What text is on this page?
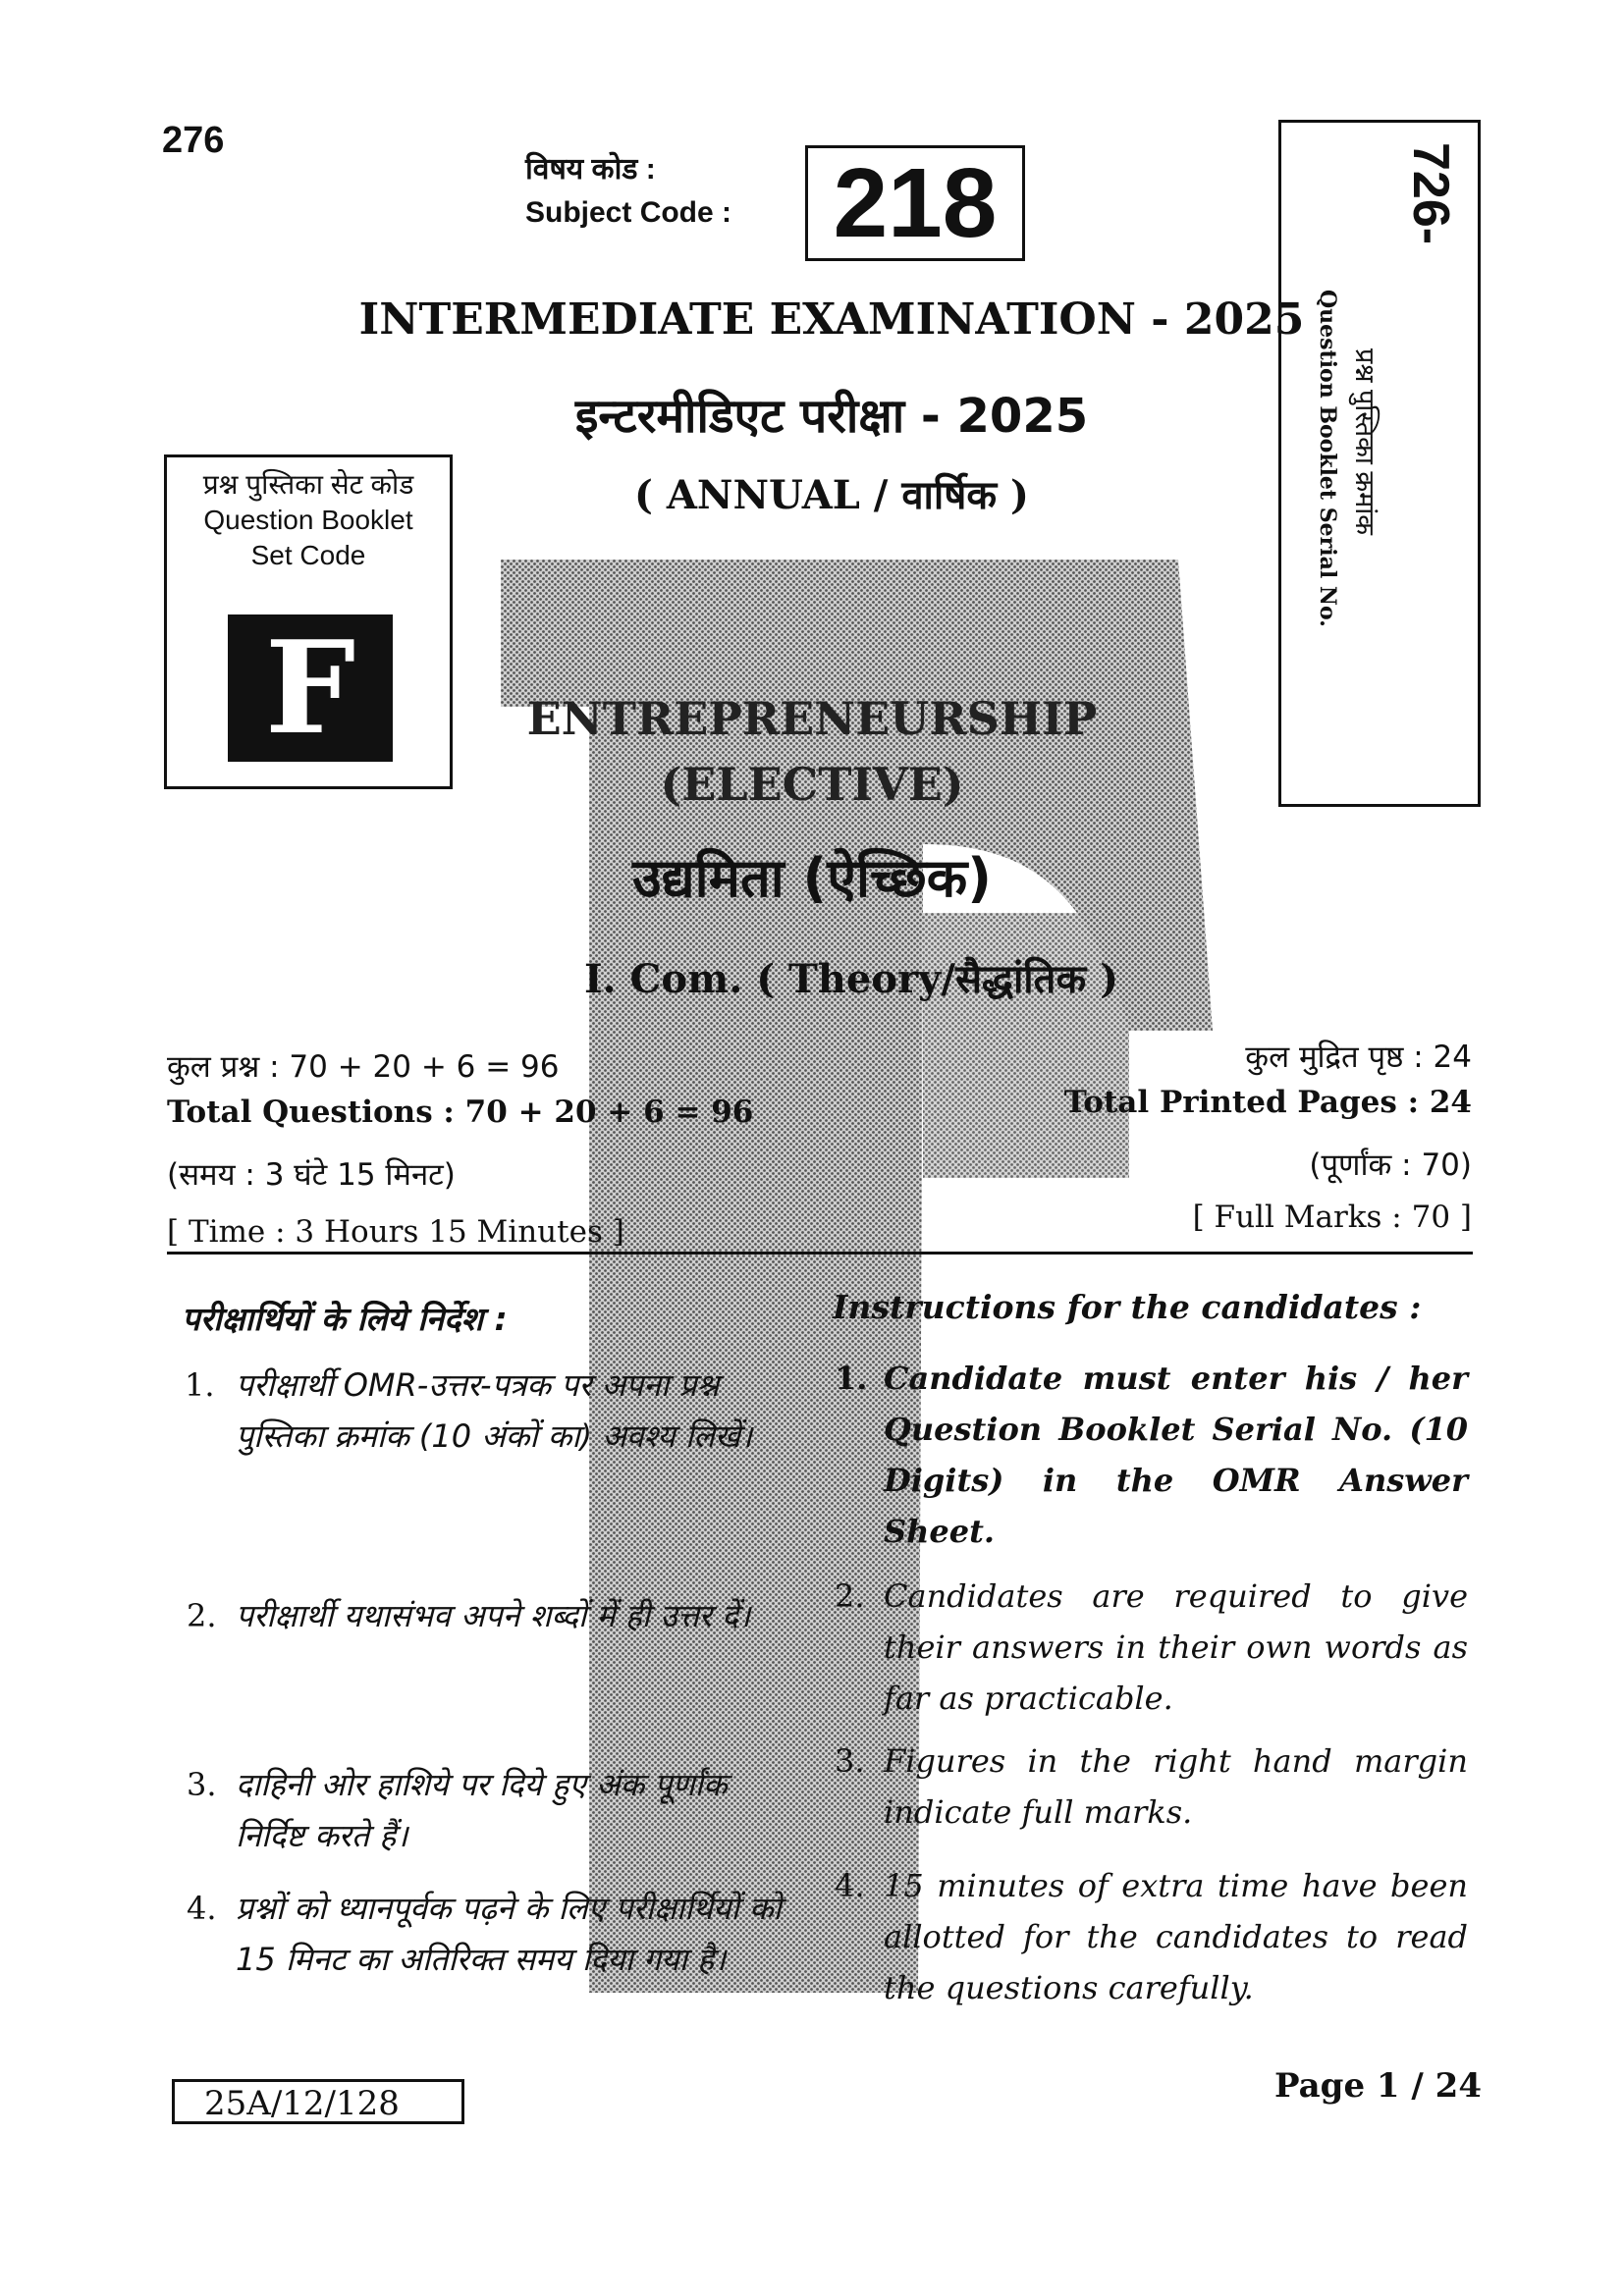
276
विषय कोड :
Subject Code : 218	726-
प्रश्न पुस्तिका क्रमांक
Question Booklet Serial No.
INTERMEDIATE EXAMINATION - 2025
इन्टरमीडिएट परीक्षा - 2025
( ANNUAL / वार्षिक )
प्रश्न पुस्तिका सेट कोड
Question Booklet
Set Code
F	ENTREPRENEURSHIP
(ELECTIVE)
उद्यमिता (ऐच्छिक)
I. Com. ( Theory/सैद्धांतिक )
कुल प्रश्न : 70 + 20 + 6 = 96
Total Questions : 70 + 20 + 6 = 96
(समय : 3 घंटे 15 मिनट)
[ Time : 3 Hours 15 Minutes ]
कुल मुद्रित पृष्ठ : 24
Total Printed Pages : 24
(पूर्णांक : 70)
[ Full Marks : 70 ]
परीक्षार्थियों के लिये निर्देश :	Instructions for the candidates :
1. परीक्षार्थी OMR-उत्तर-पत्रक पर अपना प्रश्न पुस्तिका क्रमांक (10 अंकों का) अवश्य लिखें।
2. परीक्षार्थी यथासंभव अपने शब्दों में ही उत्तर दें।
3. दाहिनी ओर हाशिये पर दिये हुए अंक पूर्णांक निर्दिष्ट करते हैं।
4. प्रश्नों को ध्यानपूर्वक पढ़ने के लिए परीक्षार्थियों को 15 मिनट का अतिरिक्त समय दिया गया है।
1. Candidate must enter his / her Question Booklet Serial No. (10 Digits) in the OMR Answer Sheet.
2. Candidates are required to give their answers in their own words as far as practicable.
3. Figures in the right hand margin indicate full marks.
4. 15 minutes of extra time have been allotted for the candidates to read the questions carefully.
25A/12/128	Page 1 / 24
